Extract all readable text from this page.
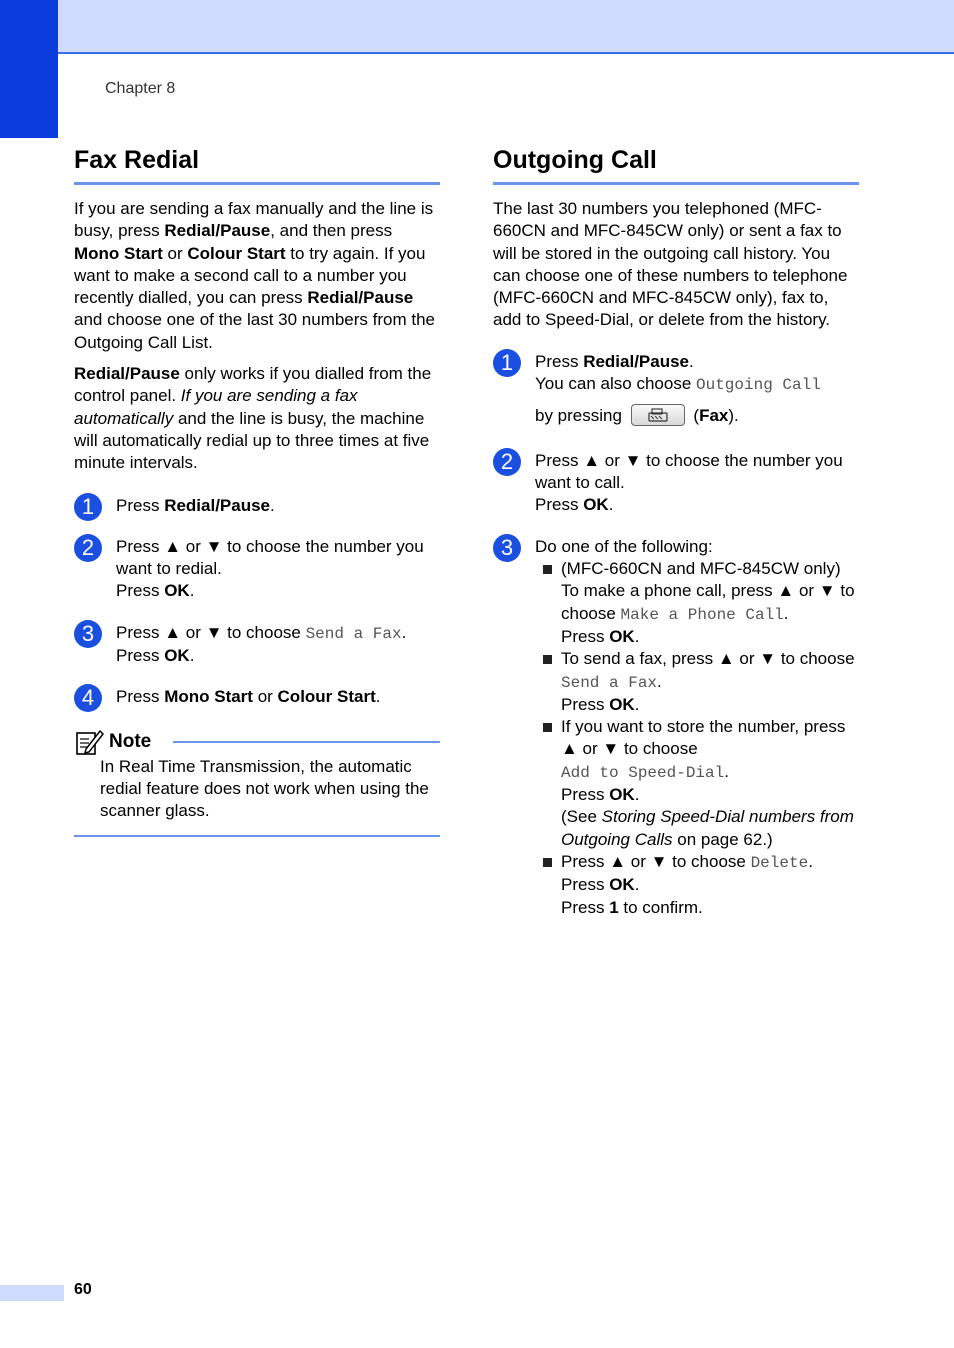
Chapter 8
Fax Redial

If you are sending a fax manually and the line is busy, press Redial/Pause, and then press Mono Start or Colour Start to try again. If you want to make a second call to a number you recently dialled, you can press Redial/Pause and choose one of the last 30 numbers from the Outgoing Call List.

Redial/Pause only works if you dialled from the control panel. If you are sending a fax automatically and the line is busy, the machine will automatically redial up to three times at five minute intervals.

1	Press Redial/Pause.
2	Press ▲ or ▼ to choose the number you want to redial.
Press OK.
3	Press ▲ or ▼ to choose Send a Fax.
Press OK.
4	Press Mono Start or Colour Start.
Note

In Real Time Transmission, the automatic redial feature does not work when using the scanner glass.

Outgoing Call

The last 30 numbers you telephoned (MFC-660CN and MFC-845CW only) or sent a fax to will be stored in the outgoing call history. You can choose one of these numbers to telephone (MFC-660CN and MFC-845CW only), fax to, add to Speed-Dial, or delete from the history.

1	Press Redial/Pause.
You can also choose Outgoing Call

by pressing	(Fax).
2	Press ▲ or ▼ to choose the number you want to call.
Press OK.
3	Do one of the following:
(MFC-660CN and MFC-845CW only)
To make a phone call, press ▲ or ▼ to choose Make a Phone Call.
Press OK.
To send a fax, press ▲ or ▼ to choose Send a Fax.
Press OK.
If you want to store the number, press ▲ or ▼ to choose
Add to Speed-Dial.
Press OK.
(See Storing Speed-Dial numbers from Outgoing Calls on page 62.)
Press ▲ or ▼ to choose Delete.
Press OK.
Press 1 to confirm.
60
